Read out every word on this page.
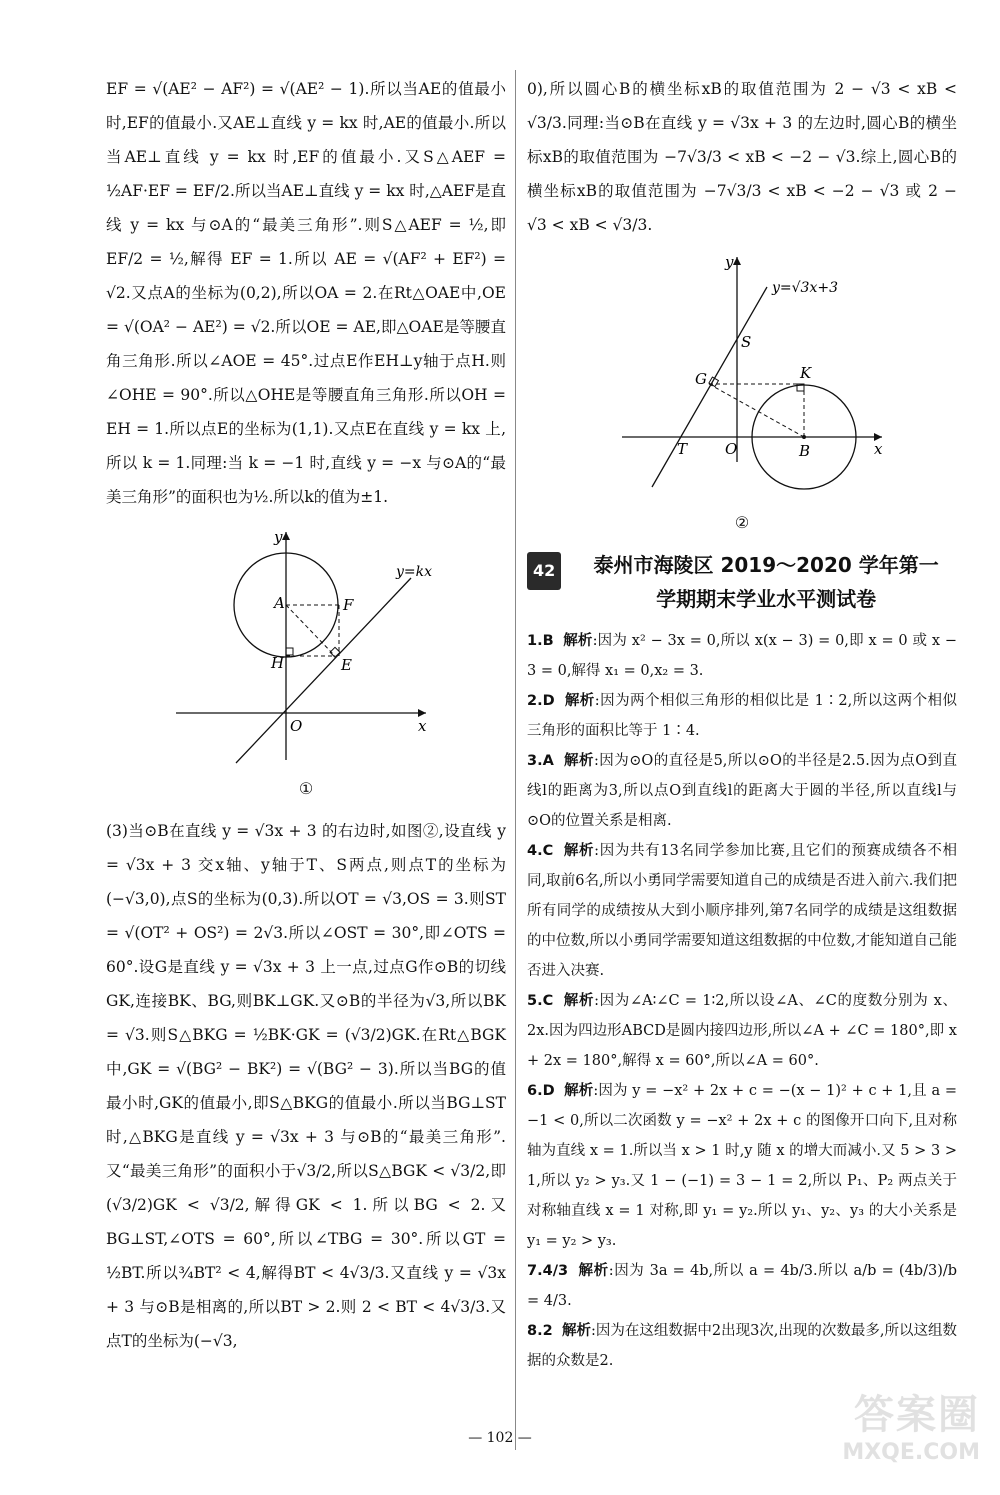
EF = √(AE² − AF²) = √(AE² − 1).所以当AE的值最小时,EF的值最小.又AE⊥直线 y = kx 时,AE的值最小.所以当AE⊥直线 y = kx 时,EF的值最小.又S△AEF = ½AF·EF = EF/2.所以当AE⊥直线 y = kx 时,△AEF是直线 y = kx 与⊙A的“最美三角形”.则S△AEF = ½,即 EF/2 = ½,解得 EF = 1.所以 AE = √(AF² + EF²) = √2.又点A的坐标为(0,2),所以OA = 2.在Rt△OAE中,OE = √(OA² − AE²) = √2.所以OE = AE,即△OAE是等腰直角三角形.所以∠AOE = 45°.过点E作EH⊥y轴于点H.则∠OHE = 90°.所以△OHE是等腰直角三角形.所以OH = EH = 1.所以点E的坐标为(1,1).又点E在直线 y = kx 上,所以 k = 1.同理:当 k = −1 时,直线 y = −x 与⊙A的“最美三角形”的面积也为½.所以k的值为±1.

y
x
O
A	F
E
H
y=kx
①

(3)当⊙B在直线 y = √3x + 3 的右边时,如图②,设直线 y = √3x + 3 交x轴、y轴于T、S两点,则点T的坐标为(−√3,0),点S的坐标为(0,3).所以OT = √3,OS = 3.则ST = √(OT² + OS²) = 2√3.所以∠OST = 30°,即∠OTS = 60°.设G是直线 y = √3x + 3 上一点,过点G作⊙B的切线GK,连接BK、BG,则BK⊥GK.又⊙B的半径为√3,所以BK = √3.则S△BKG = ½BK·GK = (√3/2)GK.在Rt△BGK中,GK = √(BG² − BK²) = √(BG² − 3).所以当BG的值最小时,GK的值最小,即S△BKG的值最小.所以当BG⊥ST时,△BKG是直线 y = √3x + 3 与⊙B的“最美三角形”.又“最美三角形”的面积小于√3/2,所以S△BGK < √3/2,即(√3/2)GK < √3/2,解得GK < 1.所以BG < 2.又BG⊥ST,∠OTS = 60°,所以∠TBG = 30°.所以GT = ½BT.所以¾BT² < 4,解得BT < 4√3/3.又直线 y = √3x + 3 与⊙B是相离的,所以BT > 2.则 2 < BT < 4√3/3.又点T的坐标为(−√3,

0),所以圆心B的横坐标xB的取值范围为 2 − √3 < xB < √3/3.同理:当⊙B在直线 y = √3x + 3 的左边时,圆心B的横坐标xB的取值范围为 −7√3/3 < xB < −2 − √3.综上,圆心B的横坐标xB的取值范围为 −7√3/3 < xB < −2 − √3 或 2 − √3 < xB < √3/3.

y
x
O
S
G	K
T	B
y=√3x+3
②
42	泰州市海陵区 2019～2020 学年第一
学期期末学业水平测试卷

1.B 解析:因为 x² − 3x = 0,所以 x(x − 3) = 0,即 x = 0 或 x − 3 = 0,解得 x₁ = 0,x₂ = 3.

2.D 解析:因为两个相似三角形的相似比是 1∶2,所以这两个相似三角形的面积比等于 1∶4.

3.A 解析:因为⊙O的直径是5,所以⊙O的半径是2.5.因为点O到直线l的距离为3,所以点O到直线l的距离大于圆的半径,所以直线l与⊙O的位置关系是相离.

4.C 解析:因为共有13名同学参加比赛,且它们的预赛成绩各不相同,取前6名,所以小勇同学需要知道自己的成绩是否进入前六.我们把所有同学的成绩按从大到小顺序排列,第7名同学的成绩是这组数据的中位数,所以小勇同学需要知道这组数据的中位数,才能知道自己能否进入决赛.

5.C 解析:因为∠A∶∠C = 1∶2,所以设∠A、∠C的度数分别为 x、2x.因为四边形ABCD是圆内接四边形,所以∠A + ∠C = 180°,即 x + 2x = 180°,解得 x = 60°,所以∠A = 60°.

6.D 解析:因为 y = −x² + 2x + c = −(x − 1)² + c + 1,且 a = −1 < 0,所以二次函数 y = −x² + 2x + c 的图像开口向下,且对称轴为直线 x = 1.所以当 x > 1 时,y 随 x 的增大而减小.又 5 > 3 > 1,所以 y₂ > y₃.又 1 − (−1) = 3 − 1 = 2,所以 P₁、P₂ 两点关于对称轴直线 x = 1 对称,即 y₁ = y₂.所以 y₁、y₂、y₃ 的大小关系是 y₁ = y₂ > y₃.

7.4/3 解析:因为 3a = 4b,所以 a = 4b/3.所以 a/b = (4b/3)/b = 4/3.

8.2 解析:因为在这组数据中2出现3次,出现的次数最多,所以这组数据的众数是2.

— 102 —	答案圈
MXQE.COM
